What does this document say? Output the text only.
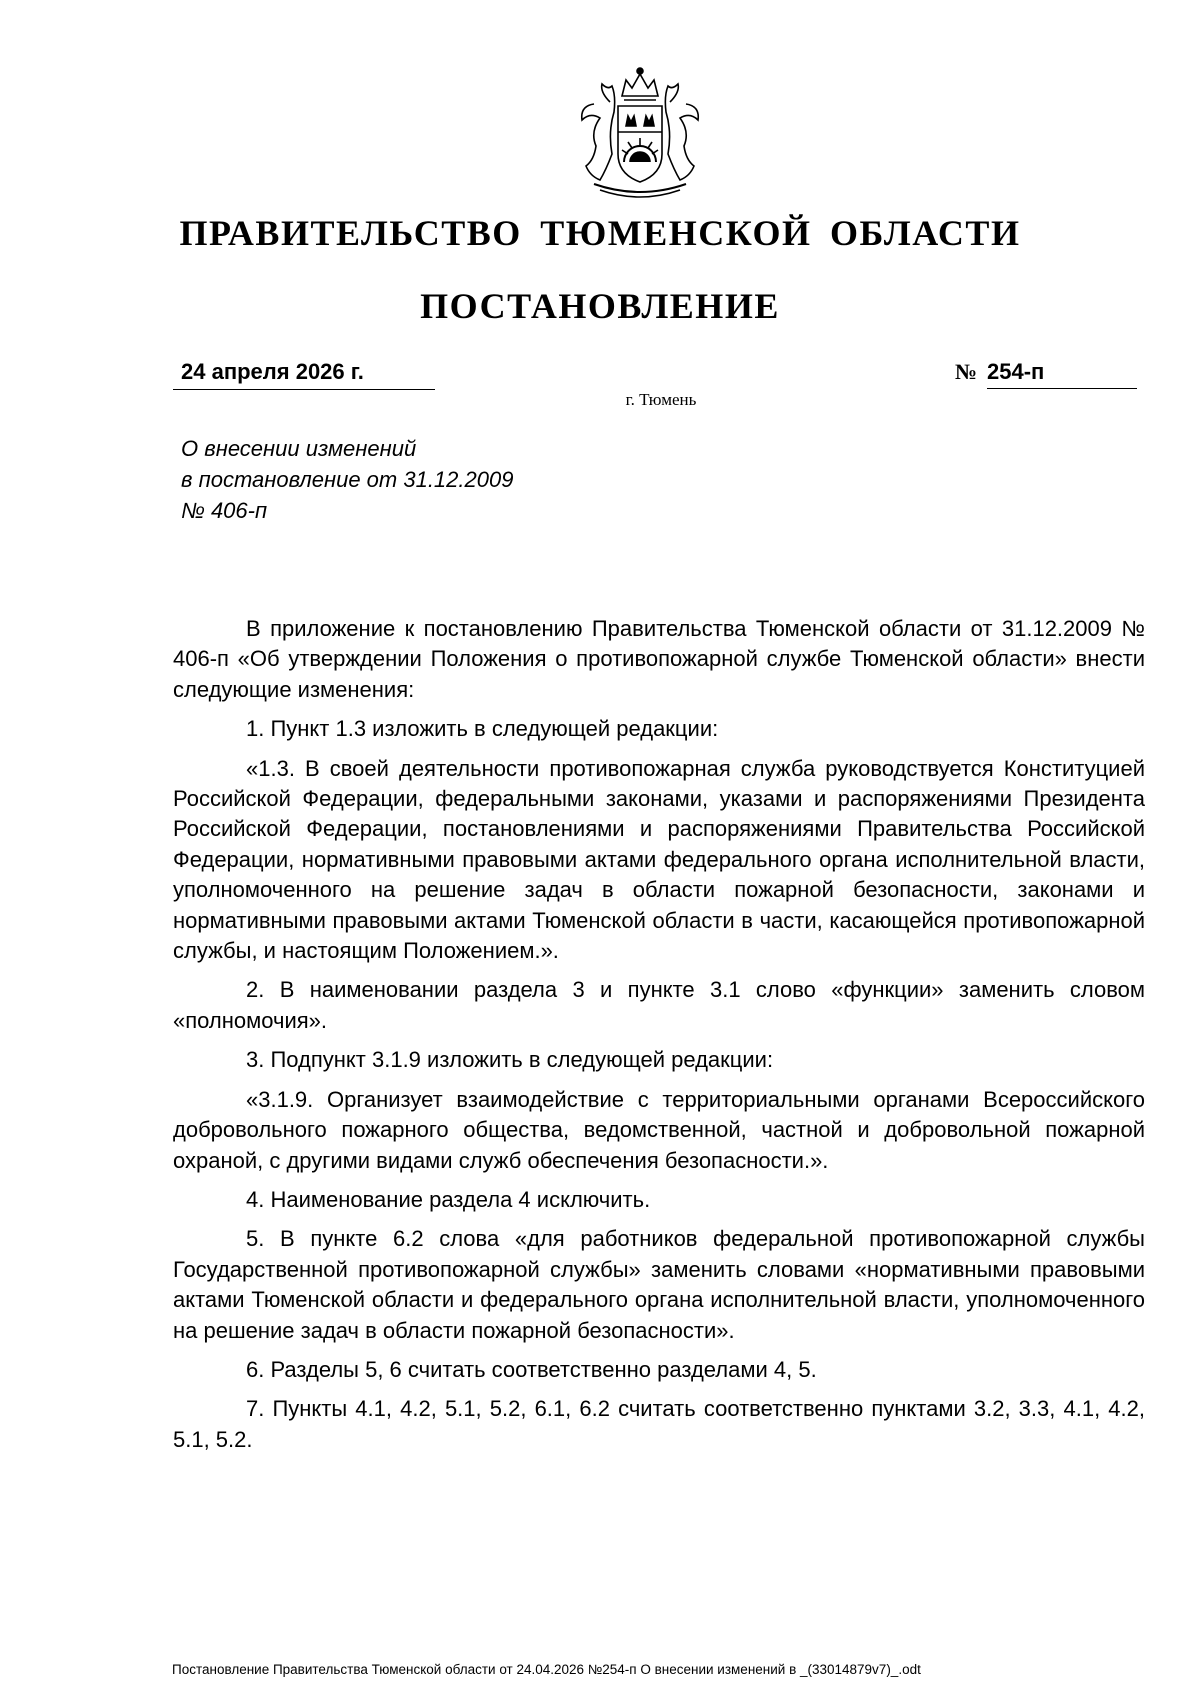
ПРАВИТЕЛЬСТВО ТЮМЕНСКОЙ ОБЛАСТИ
ПОСТАНОВЛЕНИЕ
24 апреля 2026 г.	№ 254-п
г. Тюмень
О внесении изменений
в постановление от 31.12.2009
№ 406-п

В приложение к постановлению Правительства Тюменской области от 31.12.2009 № 406-п «Об утверждении Положения о противопожарной службе Тюменской области» внести следующие изменения:

1. Пункт 1.3 изложить в следующей редакции:

«1.3. В своей деятельности противопожарная служба руководствуется Конституцией Российской Федерации, федеральными законами, указами и распоряжениями Президента Российской Федерации, постановлениями и распоряжениями Правительства Российской Федерации, нормативными правовыми актами федерального органа исполнительной власти, уполномоченного на решение задач в области пожарной безопасности, законами и нормативными правовыми актами Тюменской области в части, касающейся противопожарной службы, и настоящим Положением.».

2. В наименовании раздела 3 и пункте 3.1 слово «функции» заменить словом «полномочия».

3. Подпункт 3.1.9 изложить в следующей редакции:

«3.1.9. Организует взаимодействие с территориальными органами Всероссийского добровольного пожарного общества, ведомственной, частной и добровольной пожарной охраной, с другими видами служб обеспечения безопасности.».

4. Наименование раздела 4 исключить.

5. В пункте 6.2 слова «для работников федеральной противопожарной службы Государственной противопожарной службы» заменить словами «нормативными правовыми актами Тюменской области и федерального органа исполнительной власти, уполномоченного на решение задач в области пожарной безопасности».

6. Разделы 5, 6 считать соответственно разделами 4, 5.

7. Пункты 4.1, 4.2, 5.1, 5.2, 6.1, 6.2 считать соответственно пунктами 3.2, 3.3, 4.1, 4.2, 5.1, 5.2.

Постановление Правительства Тюменской области от 24.04.2026 №254-п О внесении изменений в _(33014879v7)_.odt
